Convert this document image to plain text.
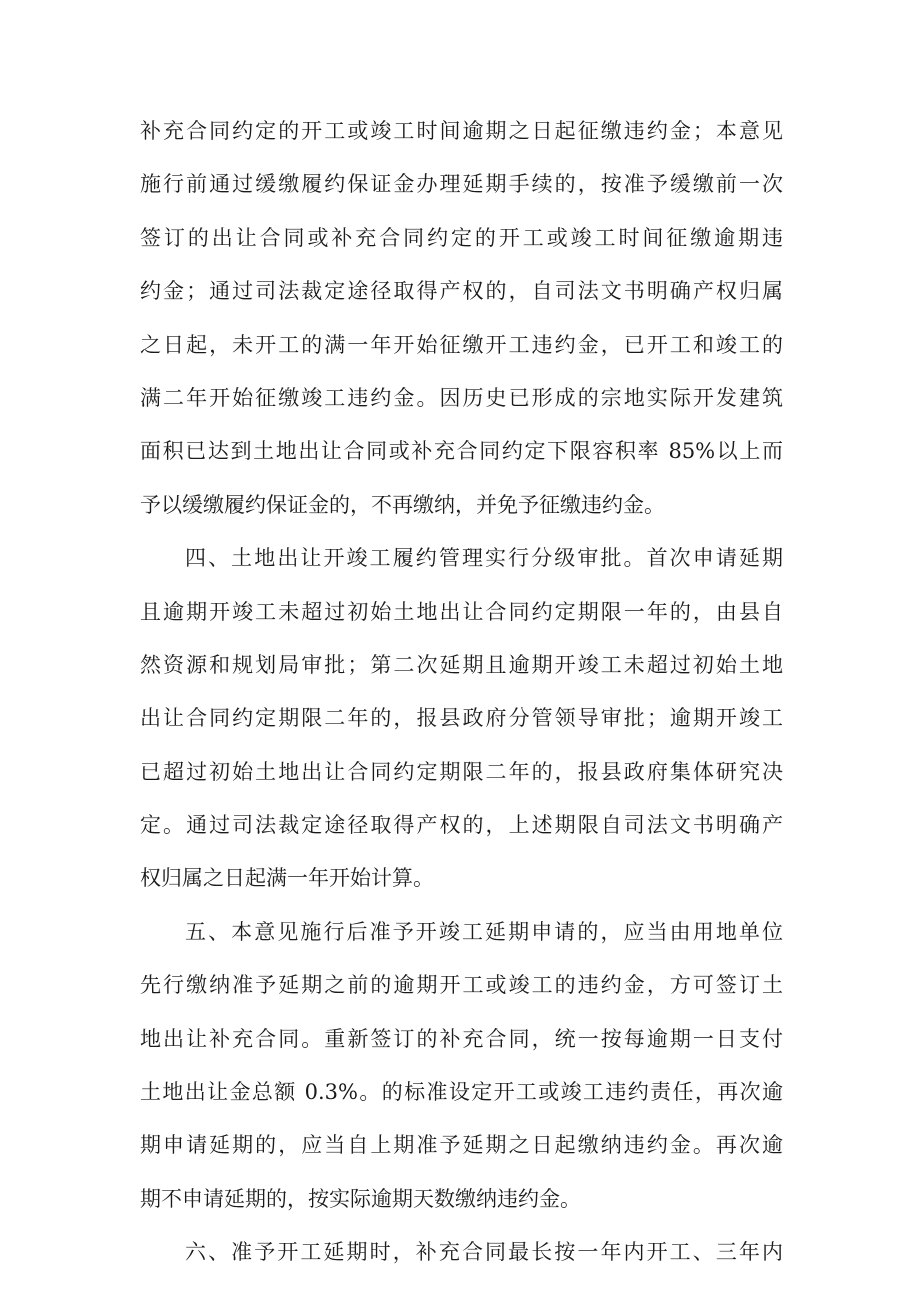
补充合同约定的开工或竣工时间逾期之日起征缴违约金；本意见
施行前通过缓缴履约保证金办理延期手续的，按准予缓缴前一次
签订的出让合同或补充合同约定的开工或竣工时间征缴逾期违
约金；通过司法裁定途径取得产权的，自司法文书明确产权归属
之日起，未开工的满一年开始征缴开工违约金，已开工和竣工的
满二年开始征缴竣工违约金。因历史已形成的宗地实际开发建筑
面积已达到土地出让合同或补充合同约定下限容积率 85%以上而
予以缓缴履约保证金的，不再缴纳，并免予征缴违约金。
四、土地出让开竣工履约管理实行分级审批。首次申请延期
且逾期开竣工未超过初始土地出让合同约定期限一年的，由县自
然资源和规划局审批；第二次延期且逾期开竣工未超过初始土地
出让合同约定期限二年的，报县政府分管领导审批；逾期开竣工
已超过初始土地出让合同约定期限二年的，报县政府集体研究决
定。通过司法裁定途径取得产权的，上述期限自司法文书明确产
权归属之日起满一年开始计算。
五、本意见施行后准予开竣工延期申请的，应当由用地单位
先行缴纳准予延期之前的逾期开工或竣工的违约金，方可签订土
地出让补充合同。重新签订的补充合同，统一按每逾期一日支付
土地出让金总额 0.3%。的标准设定开工或竣工违约责任，再次逾
期申请延期的，应当自上期准予延期之日起缴纳违约金。再次逾
期不申请延期的，按实际逾期天数缴纳违约金。
六、准予开工延期时，补充合同最长按一年内开工、三年内
